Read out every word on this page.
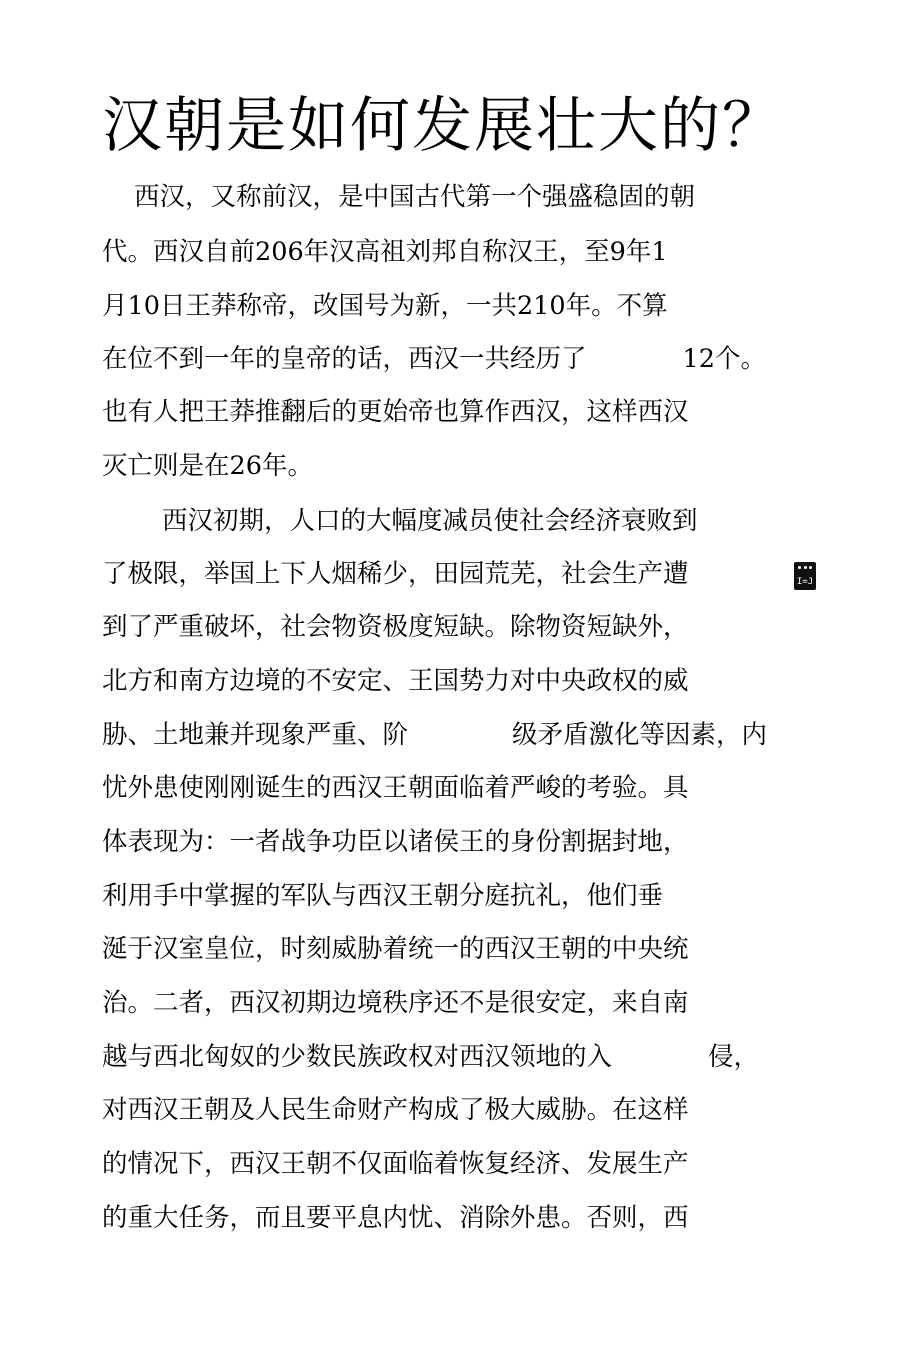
汉朝是如何发展壮大的？
西汉，又称前汉，是中国古代第一个强盛稳固的朝
代。西汉自前206年汉高祖刘邦自称汉王，至9年1
月10日王莽称帝，改国号为新，一共210年。不算
在位不到一年的皇帝的话，西汉一共经历了	12个。
也有人把王莽推翻后的更始帝也算作西汉，这样西汉
灭亡则是在26年。
西汉初期，人口的大幅度减员使社会经济衰败到
了极限，举国上下人烟稀少，田园荒芜，社会生产遭
到了严重破坏，社会物资极度短缺。除物资短缺外，
北方和南方边境的不安定、王国势力对中央政权的威
胁、土地兼并现象严重、阶	级矛盾激化等因素，内
忧外患使刚刚诞生的西汉王朝面临着严峻的考验。具
体表现为：一者战争功臣以诸侯王的身份割据封地，
利用手中掌握的军队与西汉王朝分庭抗礼，他们垂
涎于汉室皇位，时刻威胁着统一的西汉王朝的中央统
治。二者，西汉初期边境秩序还不是很安定，来自南
越与西北匈奴的少数民族政权对西汉领地的入	侵，
对西汉王朝及人民生命财产构成了极大威胁。在这样
的情况下，西汉王朝不仅面临着恢复经济、发展生产
的重大任务，而且要平息内忧、消除外患。否则，西
I=J
